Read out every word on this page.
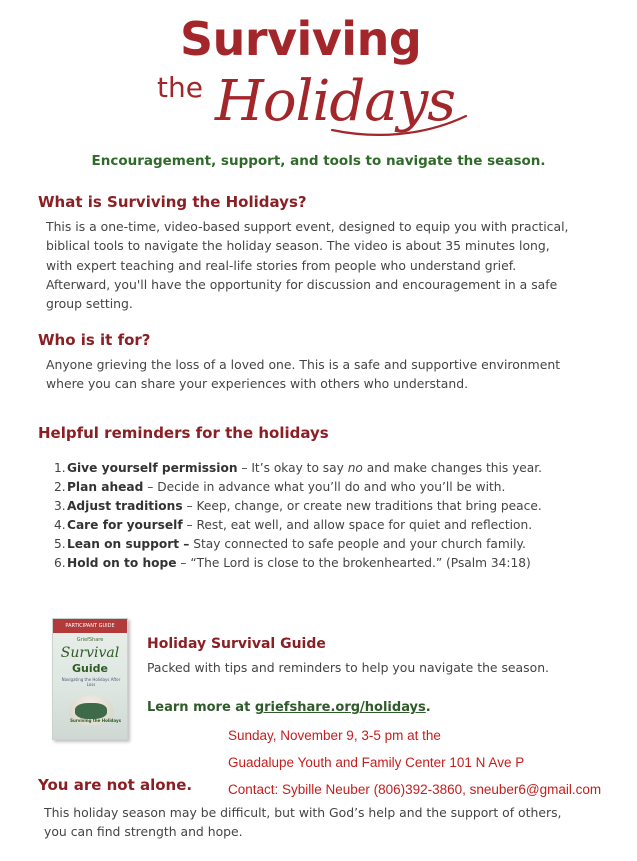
Surviving
the Holidays
Encouragement, support, and tools to navigate the season.
What is Surviving the Holidays?
This is a one-time, video-based support event, designed to equip you with practical,
biblical tools to navigate the holiday season. The video is about 35 minutes long,
with expert teaching and real-life stories from people who understand grief.
Afterward, you'll have the opportunity for discussion and encouragement in a safe
group setting.
Who is it for?
Anyone grieving the loss of a loved one. This is a safe and supportive environment
where you can share your experiences with others who understand.
Helpful reminders for the holidays
1.Give yourself permission – It’s okay to say no and make changes this year.
2.Plan ahead – Decide in advance what you’ll do and who you’ll be with.
3.Adjust traditions – Keep, change, or create new traditions that bring peace.
4.Care for yourself – Rest, eat well, and allow space for quiet and reflection.
5.Lean on support – Stay connected to safe people and your church family.
6.Hold on to hope – “The Lord is close to the brokenhearted.” (Psalm 34:18)
PARTICIPANT GUIDE
GriefShare
Survival
Guide
Navigating the Holidays After Loss
Surviving the Holidays
Holiday Survival Guide
Packed with tips and reminders to help you navigate the season.
Learn more at griefshare.org/holidays.
Sunday, November 9, 3-5 pm at the
Guadalupe Youth and Family Center 101 N Ave P
Contact: Sybille Neuber (806)392-3860, sneuber6@gmail.com
You are not alone.
This holiday season may be difficult, but with God’s help and the support of others,
you can find strength and hope.
